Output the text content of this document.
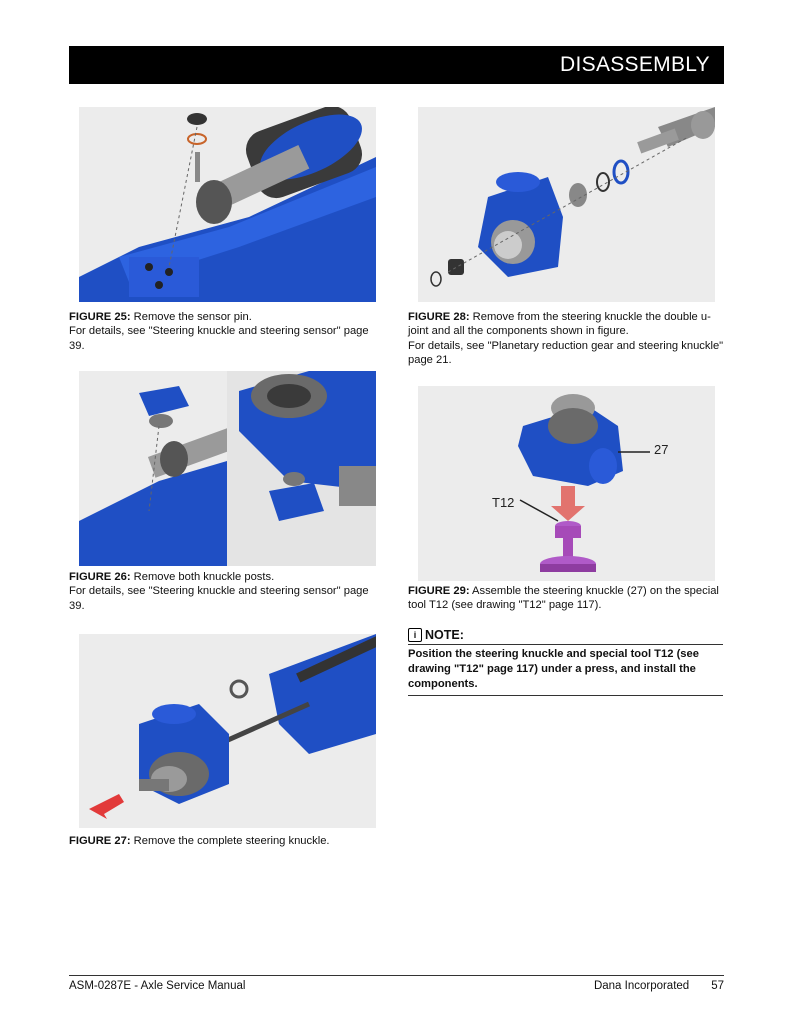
DISASSEMBLY
FIGURE 25: Remove the sensor pin.
For details, see "Steering knuckle and steering sensor" page 39.
FIGURE 26: Remove both knuckle posts.
For details, see "Steering knuckle and steering sensor" page 39.
FIGURE 27: Remove the complete steering knuckle.
FIGURE 28: Remove from the steering knuckle the double u-joint and all the components shown in figure.
For details, see "Planetary reduction gear and steering knuckle" page 21.
27
T12
FIGURE 29: Assemble the steering knuckle (27) on the special tool T12 (see drawing "T12" page 117).
i NOTE:
Position the steering knuckle and special tool T12 (see drawing "T12" page 117) under a press, and install the components.
ASM-0287E - Axle Service Manual	Dana Incorporated 57
